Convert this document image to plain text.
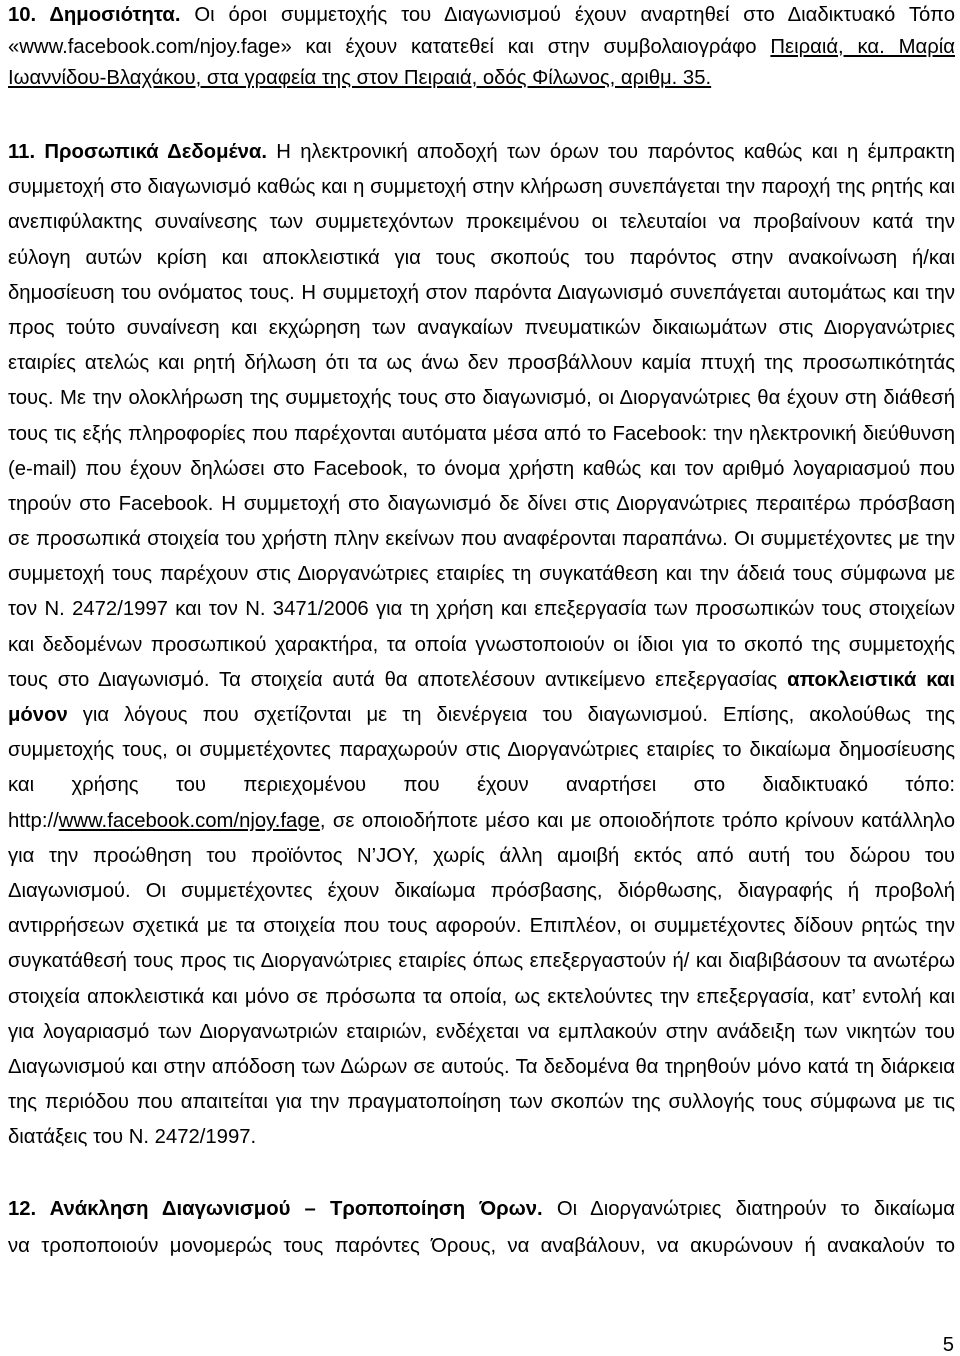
10. Δημοσιότητα. Οι όροι συμμετοχής του Διαγωνισμού έχουν αναρτηθεί στο Διαδικτυακό Τόπο
«www.facebook.com/njoy.fage» και έχουν κατατεθεί και στην συμβολαιογράφο Πειραιά, κα. Μαρία
Ιωαννίδου-Βλαχάκου, στα γραφεία της στον Πειραιά, οδός Φίλωνος, αριθμ. 35.
11. Προσωπικά Δεδομένα. Η ηλεκτρονική αποδοχή των όρων του παρόντος καθώς και η έμπρακτη
συμμετοχή στο διαγωνισμό καθώς και η συμμετοχή στην κλήρωση συνεπάγεται την παροχή της ρητής και
ανεπιφύλακτης συναίνεσης των συμμετεχόντων προκειμένου οι τελευταίοι να προβαίνουν κατά την
εύλογη αυτών κρίση και αποκλειστικά για τους σκοπούς του παρόντος στην ανακοίνωση ή/και
δημοσίευση του ονόματος τους. Η συμμετοχή στον παρόντα Διαγωνισμό συνεπάγεται αυτομάτως και την
προς τούτο συναίνεση και εκχώρηση των αναγκαίων πνευματικών δικαιωμάτων στις Διοργανώτριες
εταιρίες ατελώς και ρητή δήλωση ότι τα ως άνω δεν προσβάλλουν καμία πτυχή της προσωπικότητάς
τους. Με την ολοκλήρωση της συμμετοχής τους στο διαγωνισμό, οι Διοργανώτριες θα έχουν στη διάθεσή
τους τις εξής πληροφορίες που παρέχονται αυτόματα μέσα από το Facebook: την ηλεκτρονική διεύθυνση
(e-mail) που έχουν δηλώσει στο Facebook, το όνομα χρήστη καθώς και τον αριθμό λογαριασμού που
τηρούν στο Facebook. Η συμμετοχή στο διαγωνισμό δε δίνει στις Διοργανώτριες περαιτέρω πρόσβαση
σε προσωπικά στοιχεία του χρήστη πλην εκείνων που αναφέρονται παραπάνω. Οι συμμετέχοντες με την
συμμετοχή τους παρέχουν στις Διοργανώτριες εταιρίες τη συγκατάθεση και την άδειά τους σύμφωνα με
τον Ν. 2472/1997 και τον Ν. 3471/2006 για τη χρήση και επεξεργασία των προσωπικών τους στοιχείων
και δεδομένων προσωπικού χαρακτήρα, τα οποία γνωστοποιούν οι ίδιοι για το σκοπό της συμμετοχής
τους στο Διαγωνισμό. Τα στοιχεία αυτά θα αποτελέσουν αντικείμενο επεξεργασίας αποκλειστικά και
μόνον για λόγους που σχετίζονται με τη διενέργεια του διαγωνισμού. Επίσης, ακολούθως της
συμμετοχής τους, οι συμμετέχοντες παραχωρούν στις Διοργανώτριες εταιρίες το δικαίωμα δημοσίευσης
και χρήσης του περιεχομένου που έχουν αναρτήσει στο διαδικτυακό τόπο:
http://www.facebook.com/njoy.fage, σε οποιοδήποτε μέσο και με οποιοδήποτε τρόπο κρίνουν κατάλληλο
για την προώθηση του προϊόντος N’JOY, χωρίς άλλη αμοιβή εκτός από αυτή του δώρου του
Διαγωνισμού. Οι συμμετέχοντες έχουν δικαίωμα πρόσβασης, διόρθωσης, διαγραφής ή προβολή
αντιρρήσεων σχετικά με τα στοιχεία που τους αφορούν. Επιπλέον, οι συμμετέχοντες δίδουν ρητώς την
συγκατάθεσή τους προς τις Διοργανώτριες εταιρίες όπως επεξεργαστούν ή/ και διαβιβάσουν τα ανωτέρω
στοιχεία αποκλειστικά και μόνο σε πρόσωπα τα οποία, ως εκτελούντες την επεξεργασία, κατ’ εντολή και
για λογαριασμό των Διοργανωτριών εταιριών, ενδέχεται να εμπλακούν στην ανάδειξη των νικητών του
Διαγωνισμού και στην απόδοση των Δώρων σε αυτούς. Τα δεδομένα θα τηρηθούν μόνο κατά τη διάρκεια
της περιόδου που απαιτείται για την πραγματοποίηση των σκοπών της συλλογής τους σύμφωνα με τις
διατάξεις του Ν. 2472/1997.
12. Ανάκληση Διαγωνισμού – Τροποποίηση Όρων. Οι Διοργανώτριες διατηρούν το δικαίωμα
να τροποποιούν μονομερώς τους παρόντες Όρους, να αναβάλουν, να ακυρώνουν ή ανακαλούν το
5
